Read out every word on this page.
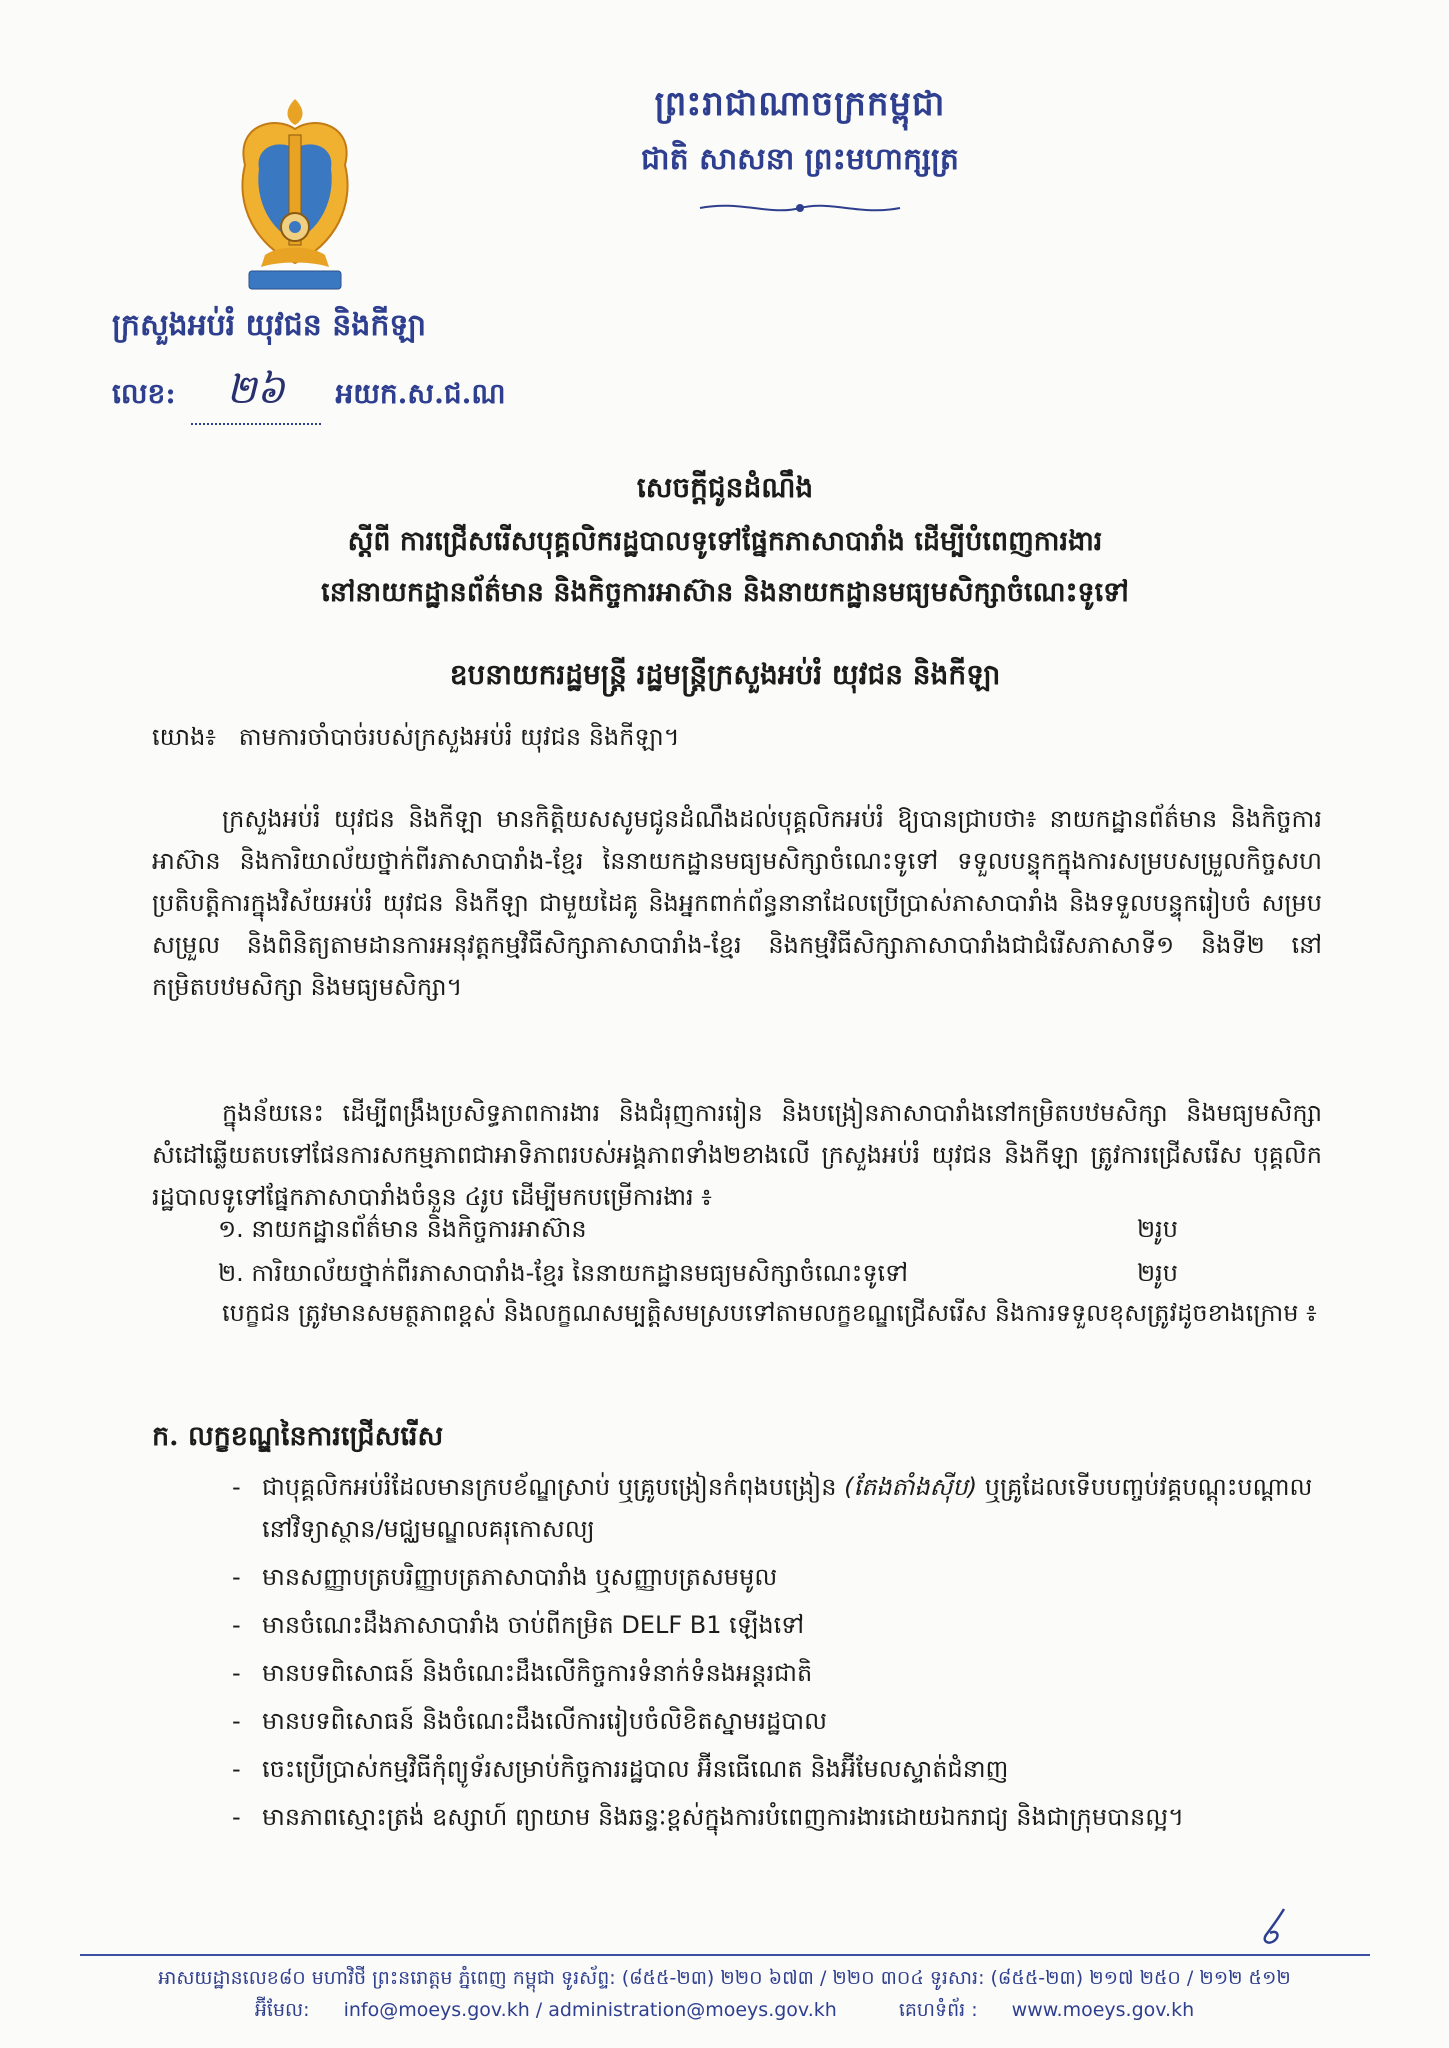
ព្រះរាជាណាចក្រកម្ពុជា
ជាតិ សាសនា ព្រះមហាក្សត្រ
ក្រសួងអប់រំ យុវជន និងកីឡា
លេខ: ២៦ អយក.ស.ជ.ណ
សេចក្តីជូនដំណឹង
ស្តីពី ការជ្រើសរើសបុគ្គលិករដ្ឋបាលទូទៅផ្នែកភាសាបារាំង ដើម្បីបំពេញការងារ
នៅនាយកដ្ឋានព័ត៌មាន និងកិច្ចការអាស៊ាន និងនាយកដ្ឋានមធ្យមសិក្សាចំណេះទូទៅ
ឧបនាយករដ្ឋមន្ត្រី រដ្ឋមន្ត្រីក្រសួងអប់រំ យុវជន និងកីឡា
យោង៖ តាមការចាំបាច់របស់ក្រសួងអប់រំ យុវជន និងកីឡា។
ក្រសួងអប់រំ យុវជន និងកីឡា មានកិត្តិយសសូមជូនដំណឹងដល់បុគ្គលិកអប់រំ ឱ្យបានជ្រាបថា៖ នាយកដ្ឋានព័ត៌មាន និងកិច្ចការអាស៊ាន និងការិយាល័យថ្នាក់ពីរភាសាបារាំង-ខ្មែរ នៃនាយកដ្ឋានមធ្យមសិក្សាចំណេះទូទៅ ទទួលបន្ទុកក្នុងការសម្របសម្រួលកិច្ចសហប្រតិបត្តិការក្នុងវិស័យអប់រំ យុវជន និងកីឡា ជាមួយដៃគូ និងអ្នកពាក់ព័ន្ធនានាដែលប្រើប្រាស់ភាសាបារាំង និងទទួលបន្ទុករៀបចំ សម្របសម្រួល និងពិនិត្យតាមដានការអនុវត្តកម្មវិធីសិក្សាភាសាបារាំង-ខ្មែរ និងកម្មវិធីសិក្សាភាសាបារាំងជាជំរើសភាសាទី១ និងទី២ នៅកម្រិតបឋមសិក្សា និងមធ្យមសិក្សា។
ក្នុងន័យនេះ ដើម្បីពង្រឹងប្រសិទ្ធភាពការងារ និងជំរុញការរៀន និងបង្រៀនភាសាបារាំងនៅកម្រិតបឋមសិក្សា និងមធ្យមសិក្សា សំដៅឆ្លើយតបទៅផែនការសកម្មភាពជាអាទិភាពរបស់អង្គភាពទាំង២ខាងលើ ក្រសួងអប់រំ យុវជន និងកីឡា ត្រូវការជ្រើសរើស បុគ្គលិករដ្ឋបាលទូទៅផ្នែកភាសាបារាំងចំនួន ៤រូប ដើម្បីមកបម្រើការងារ ៖
១. នាយកដ្ឋានព័ត៌មាន និងកិច្ចការអាស៊ាន	២រូប
២. ការិយាល័យថ្នាក់ពីរភាសាបារាំង-ខ្មែរ នៃនាយកដ្ឋានមធ្យមសិក្សាចំណេះទូទៅ	២រូប
បេក្ខជន ត្រូវមានសមត្ថភាពខ្ពស់ និងលក្ខណសម្បត្តិសមស្របទៅតាមលក្ខខណ្ឌជ្រើសរើស និងការទទួលខុសត្រូវដូចខាងក្រោម ៖
ក. លក្ខខណ្ឌនៃការជ្រើសរើស
- ជាបុគ្គលិកអប់រំដែលមានក្របខ័ណ្ឌស្រាប់ ឬគ្រូបង្រៀនកំពុងបង្រៀន (តែងតាំងស៊ីប) ឬគ្រូដែលទើបបញ្ចប់វគ្គបណ្តុះបណ្តាលនៅវិទ្យាស្ថាន/មជ្ឈមណ្ឌលគរុកោសល្យ
- មានសញ្ញាបត្របរិញ្ញាបត្រភាសាបារាំង ឬសញ្ញាបត្រសមមូល
- មានចំណេះដឹងភាសាបារាំង ចាប់ពីកម្រិត DELF B1 ឡើងទៅ
- មានបទពិសោធន៍ និងចំណេះដឹងលើកិច្ចការទំនាក់ទំនងអន្តរជាតិ
- មានបទពិសោធន៍ និងចំណេះដឹងលើការរៀបចំលិខិតស្នាមរដ្ឋបាល
- ចេះប្រើប្រាស់កម្មវិធីកុំព្យូទ័រសម្រាប់កិច្ចការរដ្ឋបាល អ៊ីនធើណេត និងអ៊ីមែលស្ទាត់ជំនាញ
- មានភាពស្មោះត្រង់ ឧស្សាហ៍ ព្យាយាម និងឆន្ទៈខ្ពស់ក្នុងការបំពេញការងារដោយឯករាជ្យ និងជាក្រុមបានល្អ។
អាសយដ្ឋានលេខ៨០ មហាវិថី ព្រះនរោត្តម ភ្នំពេញ កម្ពុជា ទូរស័ព្ទ: (៨៥៥-២៣) ២២០ ៦៧៣ / ២២០ ៣០៤ ទូរសារ: (៨៥៥-២៣) ២១៧ ២៥០ / ២១២ ៥១២
អ៊ីមែល: info@moeys.gov.kh / administration@moeys.gov.kh	គេហទំព័រ : www.moeys.gov.kh
